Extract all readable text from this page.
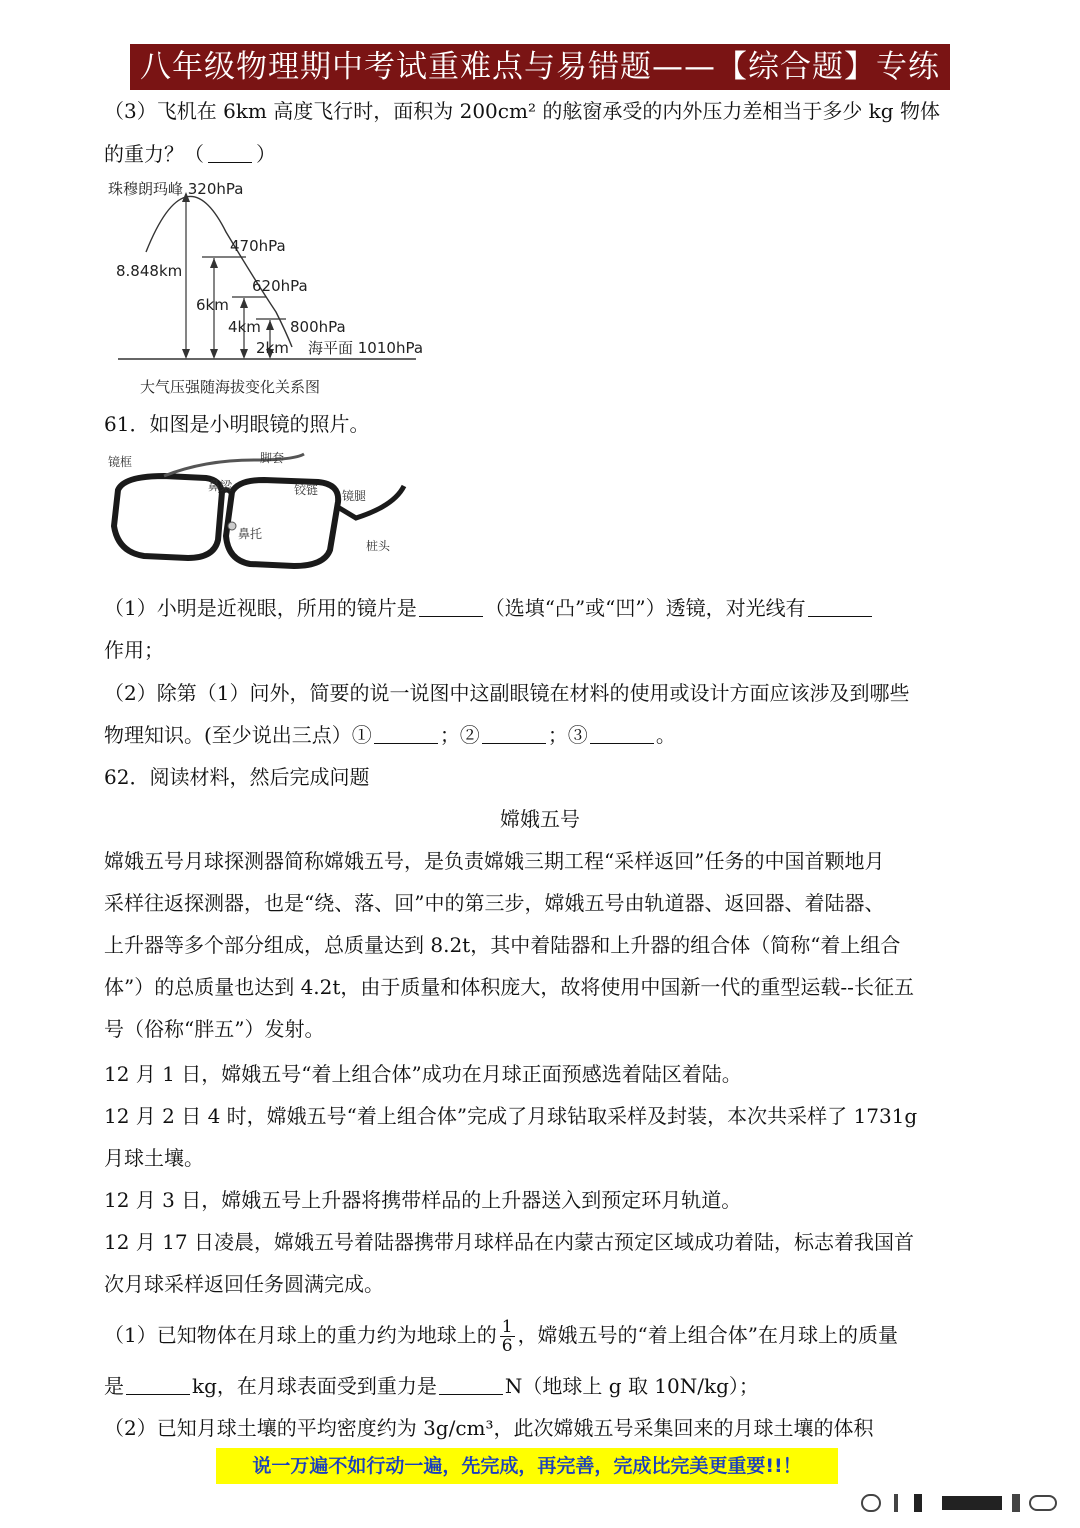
八年级物理期中考试重难点与易错题——【综合题】专练
（3）飞机在 6km 高度飞行时，面积为 200cm² 的舷窗承受的内外压力差相当于多少 kg 物体
的重力？（	）
珠穆朗玛峰 320hPa
470hPa
620hPa
800hPa
海平面 1010hPa
8.848km
6km
4km
2km
大气压强随海拔变化关系图
61．如图是小明眼镜的照片。
镜框	脚套
鼻梁	铰链 镜腿
鼻托
桩头
（1）小明是近视眼，所用的镜片是	（选填“凸”或“凹”）透镜，对光线有
作用；
（2）除第（1）问外，简要的说一说图中这副眼镜在材料的使用或设计方面应该涉及到哪些
物理知识。(至少说出三点）①	；②	；③	。
62．阅读材料，然后完成问题
嫦娥五号
嫦娥五号月球探测器简称嫦娥五号，是负责嫦娥三期工程“采样返回”任务的中国首颗地月
采样往返探测器，也是“绕、落、回”中的第三步，嫦娥五号由轨道器、返回器、着陆器、
上升器等多个部分组成，总质量达到 8.2t，其中着陆器和上升器的组合体（简称“着上组合
体”）的总质量也达到 4.2t，由于质量和体积庞大，故将使用中国新一代的重型运载--长征五
号（俗称“胖五”）发射。
12 月 1 日，嫦娥五号“着上组合体”成功在月球正面预感选着陆区着陆。
12 月 2 日 4 时，嫦娥五号“着上组合体”完成了月球钻取采样及封装，本次共采样了 1731g
月球土壤。
12 月 3 日，嫦娥五号上升器将携带样品的上升器送入到预定环月轨道。
12 月 17 日凌晨，嫦娥五号着陆器携带月球样品在内蒙古预定区域成功着陆，标志着我国首
次月球采样返回任务圆满完成。
（1）已知物体在月球上的重力约为地球上的 $\frac{1}{6}$ ，嫦娥五号的“着上组合体”在月球上的质量
是	kg，在月球表面受到重力是	N（地球上 g 取 10N/kg）；
（2）已知月球土壤的平均密度约为 3g/cm³，此次嫦娥五号采集回来的月球土壤的体积
说一万遍不如行动一遍，先完成，再完善，完成比完美更重要!!！
